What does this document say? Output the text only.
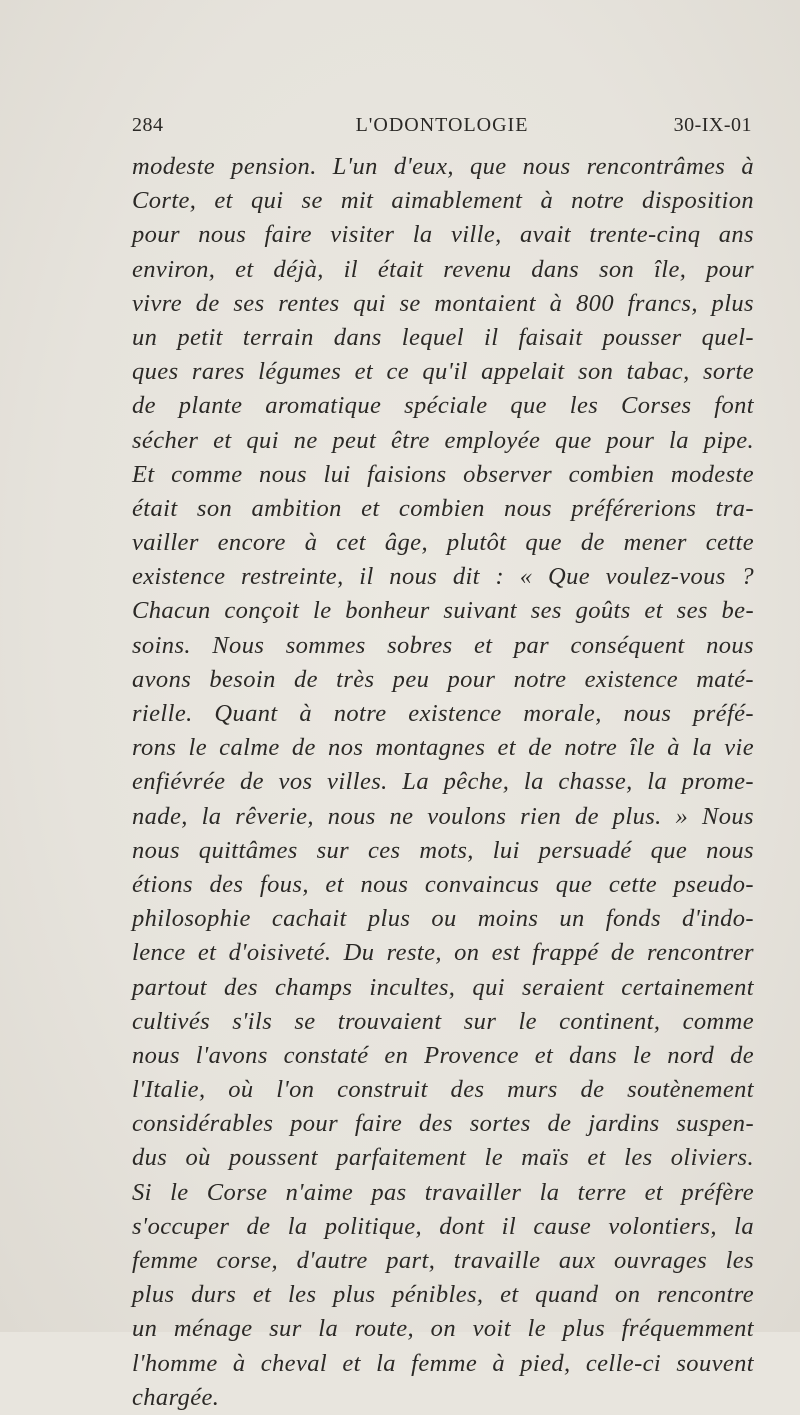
284	L'ODONTOLOGIE	30-IX-01
modeste pension. L'un d'eux, que nous rencontrâmes à
Corte, et qui se mit aimablement à notre disposition
pour nous faire visiter la ville, avait trente-cinq ans
environ, et déjà, il était revenu dans son île, pour
vivre de ses rentes qui se montaient à 800 francs, plus
un petit terrain dans lequel il faisait pousser quel-
ques rares légumes et ce qu'il appelait son tabac, sorte
de plante aromatique spéciale que les Corses font
sécher et qui ne peut être employée que pour la pipe.
Et comme nous lui faisions observer combien modeste
était son ambition et combien nous préférerions tra-
vailler encore à cet âge, plutôt que de mener cette
existence restreinte, il nous dit : « Que voulez-vous ?
Chacun conçoit le bonheur suivant ses goûts et ses be-
soins. Nous sommes sobres et par conséquent nous
avons besoin de très peu pour notre existence maté-
rielle. Quant à notre existence morale, nous préfé-
rons le calme de nos montagnes et de notre île à la vie
enfiévrée de vos villes. La pêche, la chasse, la prome-
nade, la rêverie, nous ne voulons rien de plus. » Nous
nous quittâmes sur ces mots, lui persuadé que nous
étions des fous, et nous convaincus que cette pseudo-
philosophie cachait plus ou moins un fonds d'indo-
lence et d'oisiveté. Du reste, on est frappé de rencontrer
partout des champs incultes, qui seraient certainement
cultivés s'ils se trouvaient sur le continent, comme
nous l'avons constaté en Provence et dans le nord de
l'Italie, où l'on construit des murs de soutènement
considérables pour faire des sortes de jardins suspen-
dus où poussent parfaitement le maïs et les oliviers.
Si le Corse n'aime pas travailler la terre et préfère
s'occuper de la politique, dont il cause volontiers, la
femme corse, d'autre part, travaille aux ouvrages les
plus durs et les plus pénibles, et quand on rencontre
un ménage sur la route, on voit le plus fréquemment
l'homme à cheval et la femme à pied, celle-ci souvent
chargée.
